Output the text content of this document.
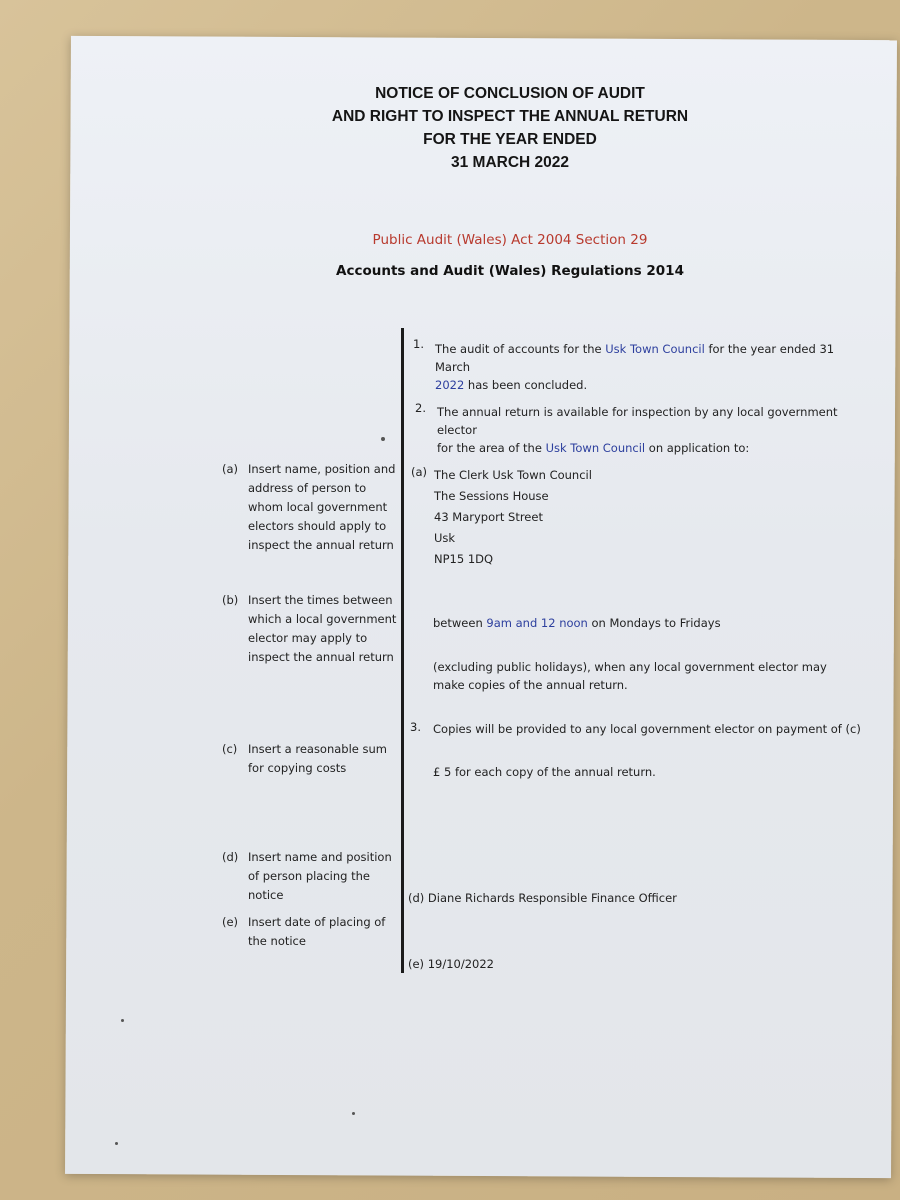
NOTICE OF CONCLUSION OF AUDIT
AND RIGHT TO INSPECT THE ANNUAL RETURN
FOR THE YEAR ENDED
31 MARCH 2022
Public Audit (Wales) Act 2004 Section 29
Accounts and Audit (Wales) Regulations 2014
1. The audit of accounts for the Usk Town Council for the year ended 31 March
2022 has been concluded.
2. The annual return is available for inspection by any local government elector
for the area of the Usk Town Council on application to:
(a) Insert name, position and address of person to whom local government electors should apply to inspect the annual return
(b) Insert the times between which a local government elector may apply to inspect the annual return
(c) Insert a reasonable sum for copying costs
(d) Insert name and position of person placing the notice
(e) Insert date of placing of the notice
(a) The Clerk Usk Town Council
The Sessions House
43 Maryport Street
Usk
NP15 1DQ
between 9am and 12 noon on Mondays to Fridays
(excluding public holidays), when any local government elector may make copies of the annual return.
3. Copies will be provided to any local government elector on payment of (c)
£ 5 for each copy of the annual return.
(d) Diane Richards Responsible Finance Officer
(e) 19/10/2022
